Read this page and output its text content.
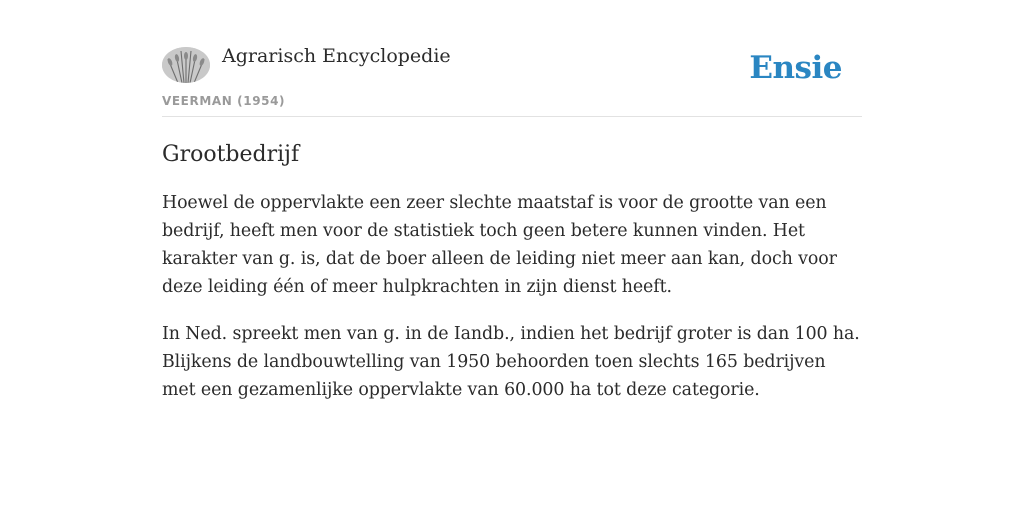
Agrarisch Encyclopedie
VEERMAN (1954)
Ensie
Grootbedrijf

Hoewel de oppervlakte een zeer slechte maatstaf is voor de grootte van een bedrijf, heeft men voor de statistiek toch geen betere kunnen vinden. Het karakter van g. is, dat de boer alleen de leiding niet meer aan kan, doch voor deze leiding één of meer hulpkrachten in zijn dienst heeft.

In Ned. spreekt men van g. in de Iandb., indien het bedrijf groter is dan 100 ha. Blijkens de landbouwtelling van 1950 behoorden toen slechts 165 bedrijven met een gezamenlijke oppervlakte van 60.000 ha tot deze categorie.
